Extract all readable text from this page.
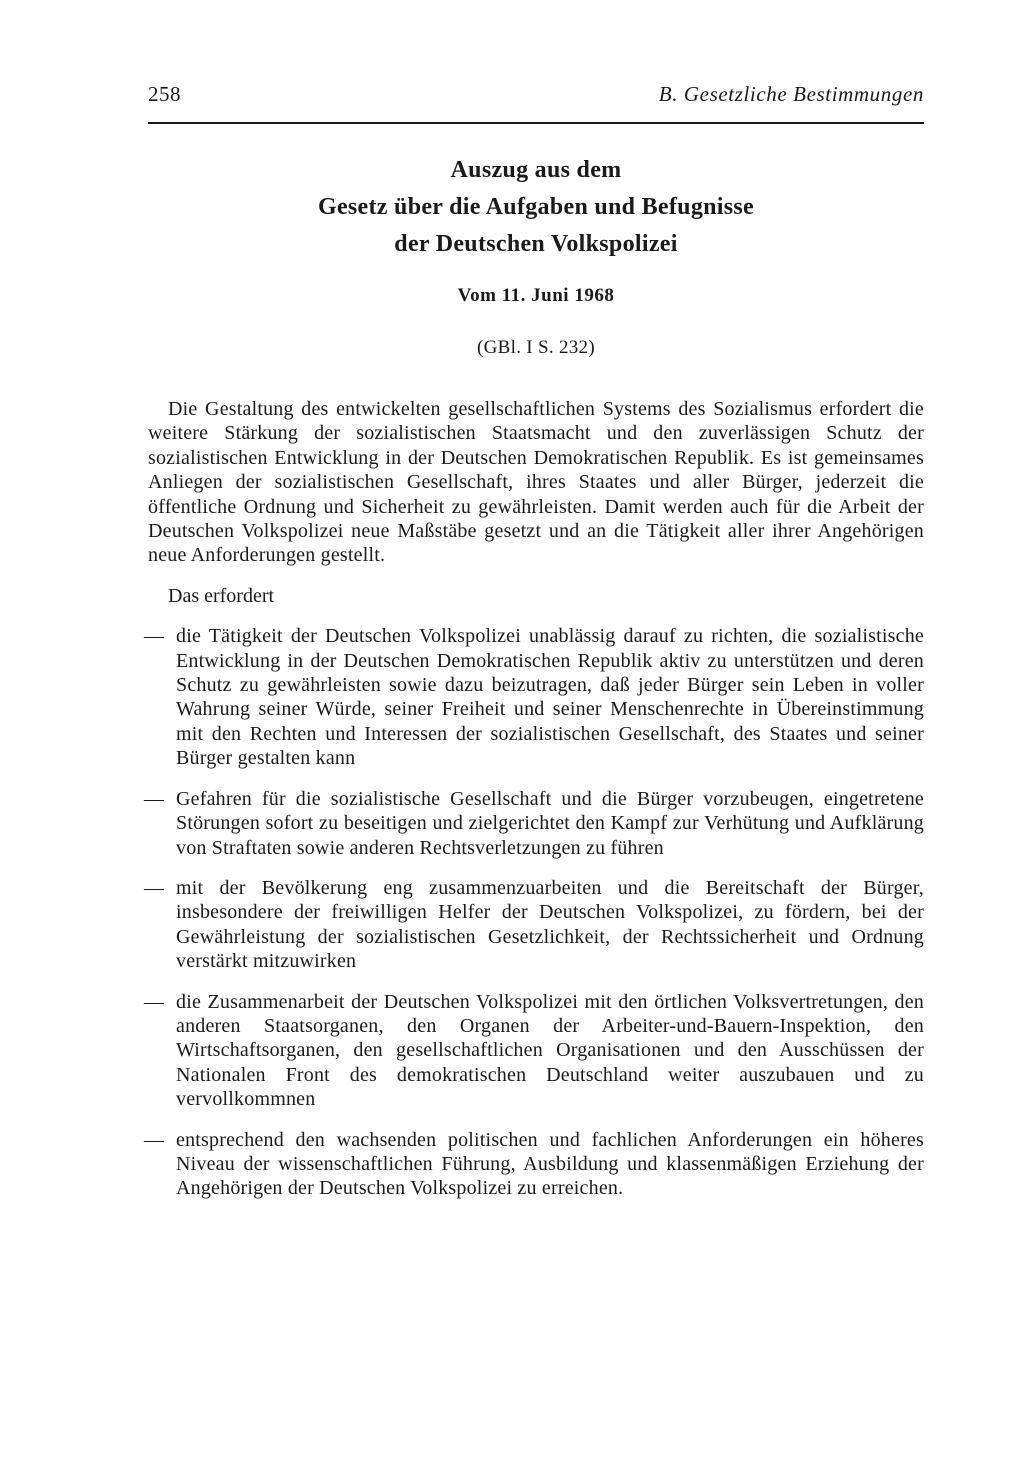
258	B. Gesetzliche Bestimmungen
Auszug aus dem
Gesetz über die Aufgaben und Befugnisse
der Deutschen Volkspolizei
Vom 11. Juni 1968
(GBl. I S. 232)

Die Gestaltung des entwickelten gesellschaftlichen Systems des Sozialismus erfordert die weitere Stärkung der sozialistischen Staatsmacht und den zuverlässigen Schutz der sozialistischen Entwicklung in der Deutschen Demokratischen Republik. Es ist gemeinsames Anliegen der sozialistischen Gesellschaft, ihres Staates und aller Bürger, jederzeit die öffentliche Ordnung und Sicherheit zu gewährleisten. Damit werden auch für die Arbeit der Deutschen Volkspolizei neue Maßstäbe gesetzt und an die Tätigkeit aller ihrer Angehörigen neue Anforderungen gestellt.

Das erfordert

— die Tätigkeit der Deutschen Volkspolizei unablässig darauf zu richten, die sozialistische Entwicklung in der Deutschen Demokratischen Republik aktiv zu unterstützen und deren Schutz zu gewährleisten sowie dazu beizutragen, daß jeder Bürger sein Leben in voller Wahrung seiner Würde, seiner Freiheit und seiner Menschenrechte in Übereinstimmung mit den Rechten und Interessen der sozialistischen Gesellschaft, des Staates und seiner Bürger gestalten kann
— Gefahren für die sozialistische Gesellschaft und die Bürger vorzubeugen, eingetretene Störungen sofort zu beseitigen und zielgerichtet den Kampf zur Verhütung und Aufklärung von Straftaten sowie anderen Rechtsverletzungen zu führen
— mit der Bevölkerung eng zusammenzuarbeiten und die Bereitschaft der Bürger, insbesondere der freiwilligen Helfer der Deutschen Volkspolizei, zu fördern, bei der Gewährleistung der sozialistischen Gesetzlichkeit, der Rechtssicherheit und Ordnung verstärkt mitzuwirken
— die Zusammenarbeit der Deutschen Volkspolizei mit den örtlichen Volksvertretungen, den anderen Staatsorganen, den Organen der Arbeiter-und-Bauern-Inspektion, den Wirtschaftsorganen, den gesellschaftlichen Organisationen und den Ausschüssen der Nationalen Front des demokratischen Deutschland weiter auszubauen und zu vervollkommnen
— entsprechend den wachsenden politischen und fachlichen Anforderungen ein höheres Niveau der wissenschaftlichen Führung, Ausbildung und klassenmäßigen Erziehung der Angehörigen der Deutschen Volkspolizei zu erreichen.
